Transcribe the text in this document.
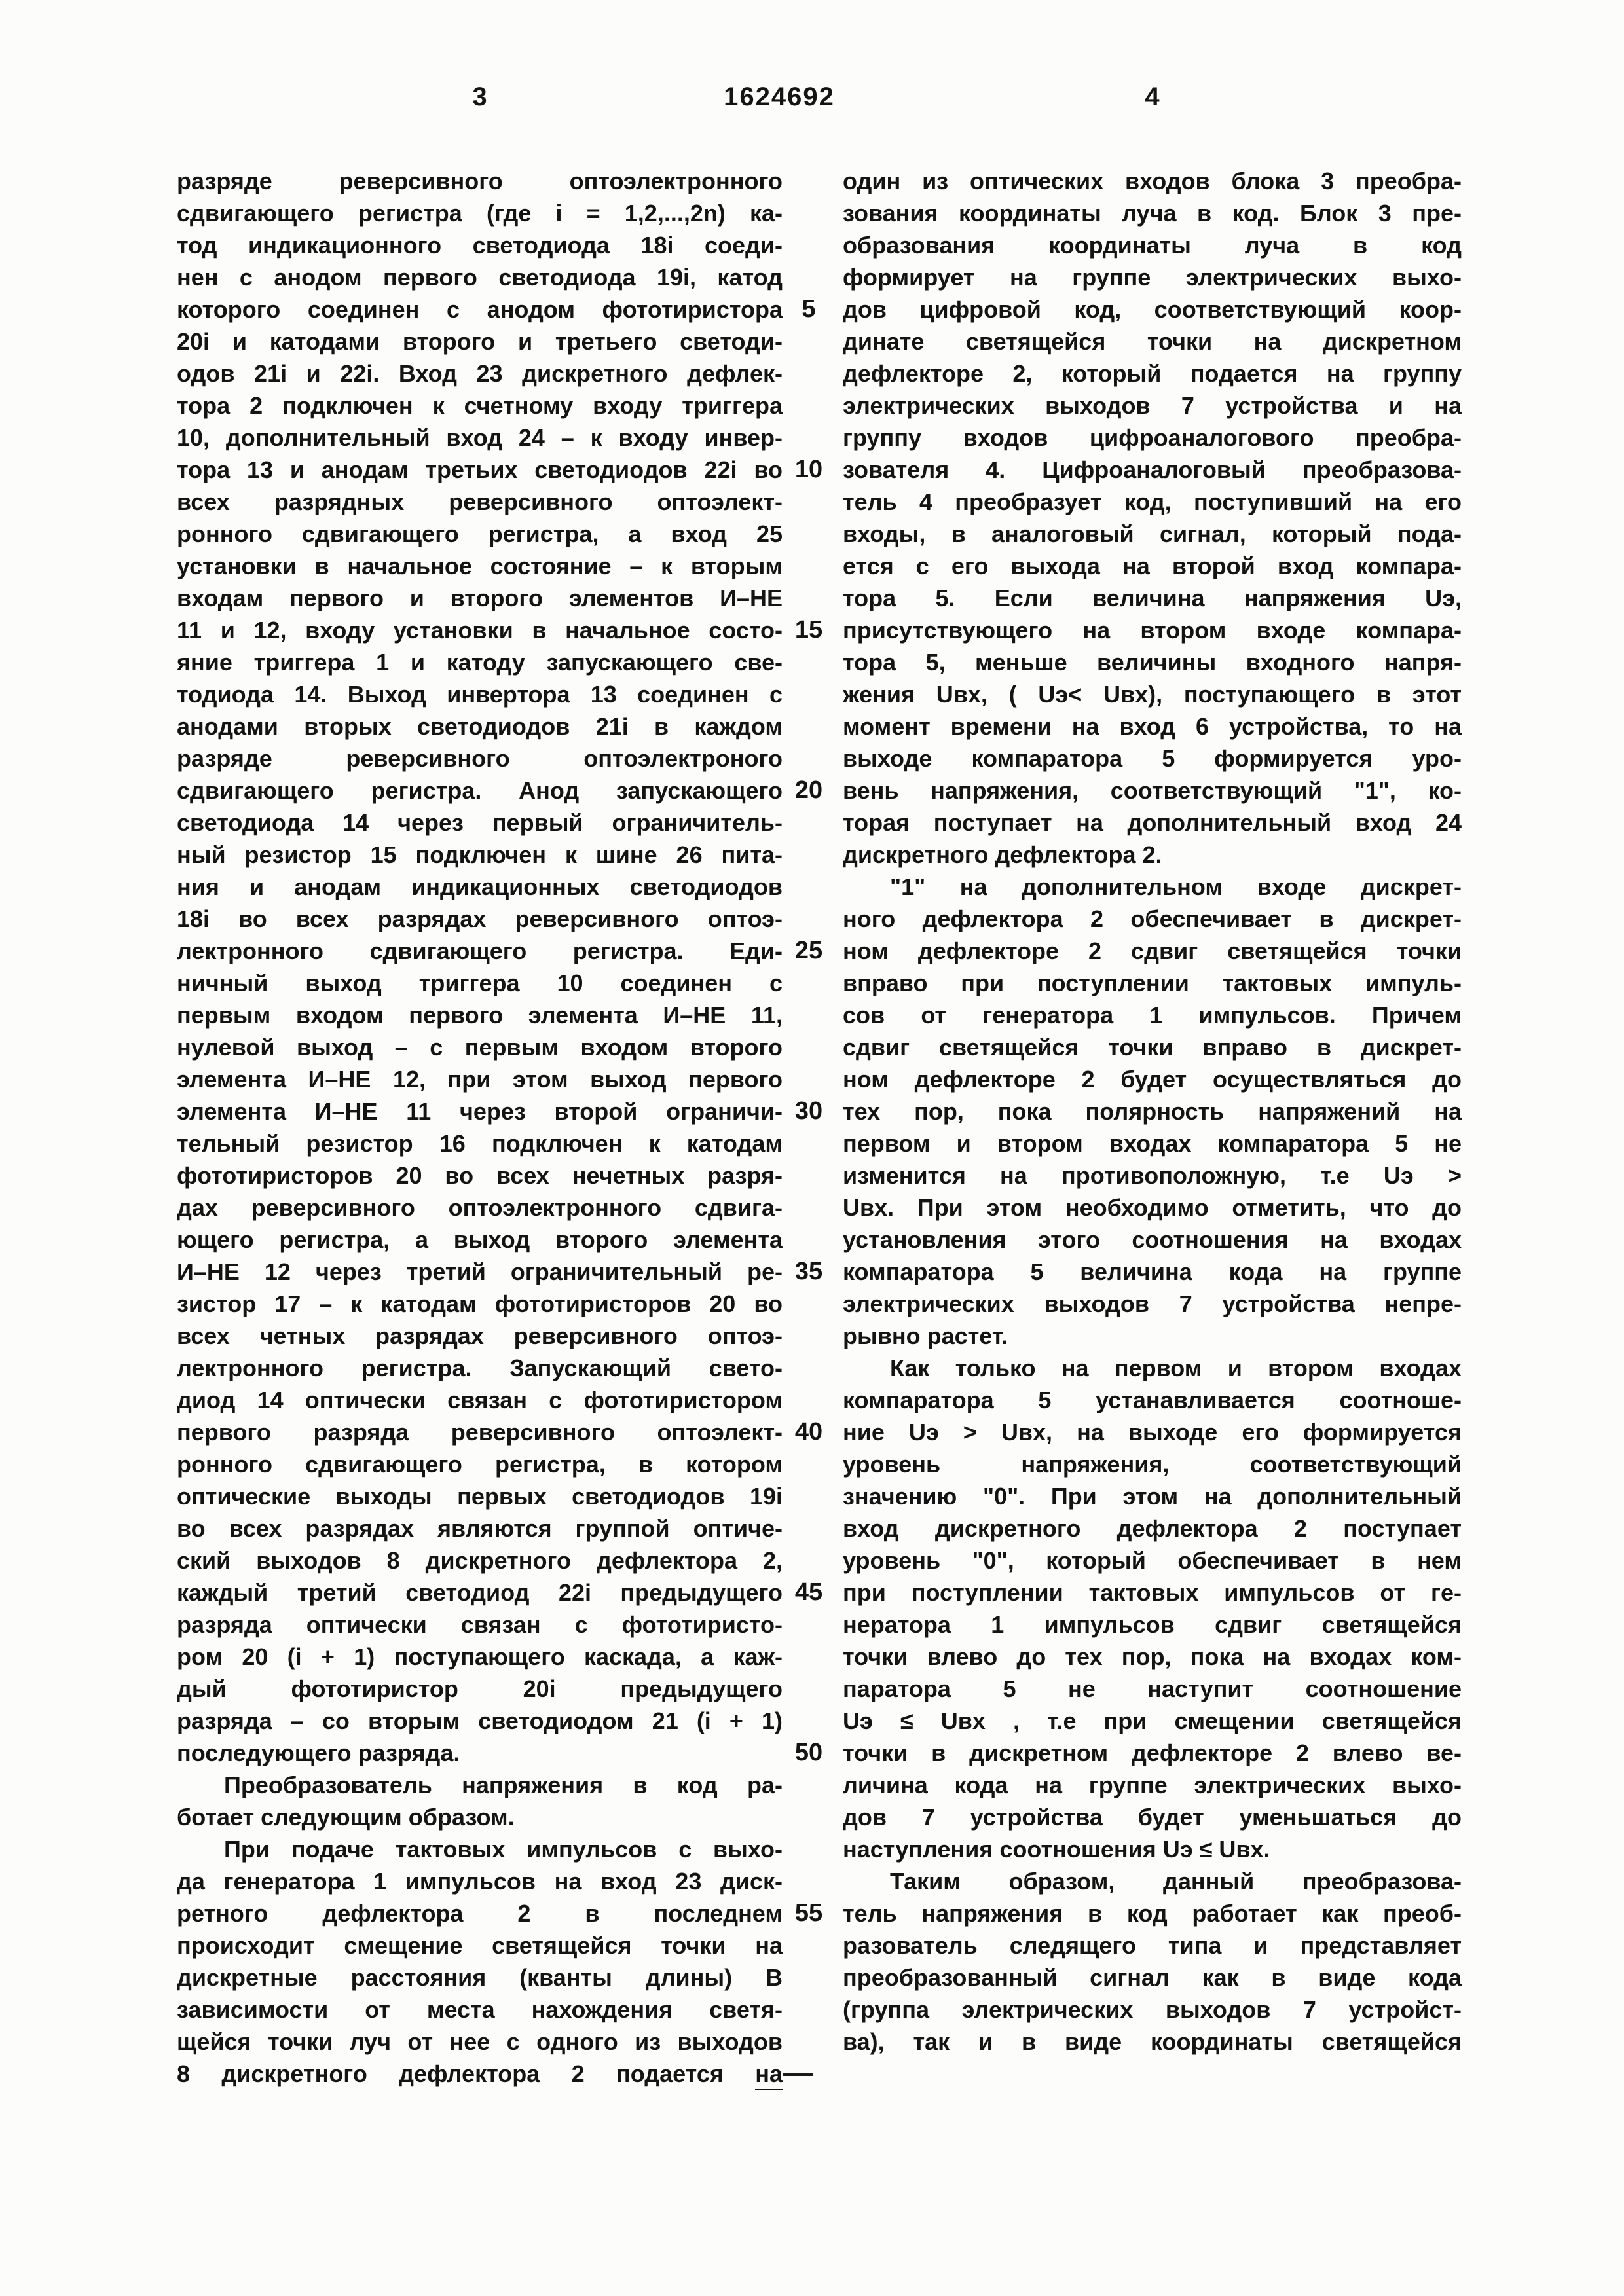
3	1624692	4
разряде реверсивного оптоэлектронного
сдвигающего регистра (где i = 1,2,...,2n) ка-
тод индикационного светодиода 18i соеди-
нен с анодом первого светодиода 19i, катод
которого соединен с анодом фототиристора
20i и катодами второго и третьего светоди-
одов 21i и 22i. Вход 23 дискретного дефлек-
тора 2 подключен к счетному входу триггера
10, дополнительный вход 24 – к входу инвер-
тора 13 и анодам третьих светодиодов 22i во
всех разрядных реверсивного оптоэлект-
ронного сдвигающего регистра, а вход 25
установки в начальное состояние – к вторым
входам первого и второго элементов И–НЕ
11 и 12, входу установки в начальное состо-
яние триггера 1 и катоду запускающего све-
тодиода 14. Выход инвертора 13 соединен с
анодами вторых светодиодов 21i в каждом
разряде реверсивного оптоэлектроного
сдвигающего регистра. Анод запускающего
светодиода 14 через первый ограничитель-
ный резистор 15 подключен к шине 26 пита-
ния и анодам индикационных светодиодов
18i во всех разрядах реверсивного оптоэ-
лектронного сдвигающего регистра. Еди-
ничный выход триггера 10 соединен с
первым входом первого элемента И–НЕ 11,
нулевой выход – с первым входом второго
элемента И–НЕ 12, при этом выход первого
элемента И–НЕ 11 через второй ограничи-
тельный резистор 16 подключен к катодам
фототиристоров 20 во всех нечетных разря-
дах реверсивного оптоэлектронного сдвига-
ющего регистра, а выход второго элемента
И–НЕ 12 через третий ограничительный ре-
зистор 17 – к катодам фототиристоров 20 во
всех четных разрядах реверсивного оптоэ-
лектронного регистра. Запускающий свето-
диод 14 оптически связан с фототиристором
первого разряда реверсивного оптоэлект-
ронного сдвигающего регистра, в котором
оптические выходы первых светодиодов 19i
во всех разрядах являются группой оптиче-
ский выходов 8 дискретного дефлектора 2,
каждый третий светодиод 22i предыдущего
разряда оптически связан с фототиристо-
ром 20 (i + 1) поступающего каскада, а каж-
дый фототиристор 20i предыдущего
разряда – со вторым светодиодом 21 (i + 1)
последующего разряда.
Преобразователь напряжения в код ра-
ботает следующим образом.
При подаче тактовых импульсов с выхо-
да генератора 1 импульсов на вход 23 диск-
ретного дефлектора 2 в последнем
происходит смещение светящейся точки на
дискретные расстояния (кванты длины) В
зависимости от места нахождения светя-
щейся точки луч от нее с одного из выходов
8 дискретного дефлектора 2 подается на
5
10
15
20
25
30
35
40
45
50
55
один из оптических входов блока 3 преобра-
зования координаты луча в код. Блок 3 пре-
образования координаты луча в код
формирует на группе электрических выхо-
дов цифровой код, соответствующий коор-
динате светящейся точки на дискретном
дефлекторе 2, который подается на группу
электрических выходов 7 устройства и на
группу входов цифроаналогового преобра-
зователя 4. Цифроаналоговый преобразова-
тель 4 преобразует код, поступивший на его
входы, в аналоговый сигнал, который пода-
ется с его выхода на второй вход компара-
тора 5. Если величина напряжения Uэ,
присутствующего на втором входе компара-
тора 5, меньше величины входного напря-
жения Uвх, ( Uэ< Uвх), поступающего в этот
момент времени на вход 6 устройства, то на
выходе компаратора 5 формируется уро-
вень напряжения, соответствующий "1", ко-
торая поступает на дополнительный вход 24
дискретного дефлектора 2.
"1" на дополнительном входе дискрет-
ного дефлектора 2 обеспечивает в дискрет-
ном дефлекторе 2 сдвиг светящейся точки
вправо при поступлении тактовых импуль-
сов от генератора 1 импульсов. Причем
сдвиг светящейся точки вправо в дискрет-
ном дефлекторе 2 будет осуществляться до
тех пор, пока полярность напряжений на
первом и втором входах компаратора 5 не
изменится на противоположную, т.е Uэ >
Uвх. При этом необходимо отметить, что до
установления этого соотношения на входах
компаратора 5 величина кода на группе
электрических выходов 7 устройства непре-
рывно растет.
Как только на первом и втором входах
компаратора 5 устанавливается соотноше-
ние Uэ > Uвх, на выходе его формируется
уровень напряжения, соответствующий
значению "0". При этом на дополнительный
вход дискретного дефлектора 2 поступает
уровень "0", который обеспечивает в нем
при поступлении тактовых импульсов от ге-
нератора 1 импульсов сдвиг светящейся
точки влево до тех пор, пока на входах ком-
паратора 5 не наступит соотношение
Uэ ≤ Uвх , т.е при смещении светящейся
точки в дискретном дефлекторе 2 влево ве-
личина кода на группе электрических выхо-
дов 7 устройства будет уменьшаться до
наступления соотношения Uэ ≤ Uвх.
Таким образом, данный преобразова-
тель напряжения в код работает как преоб-
разователь следящего типа и представляет
преобразованный сигнал как в виде кода
(группа электрических выходов 7 устройст-
ва), так и в виде координаты светящейся
